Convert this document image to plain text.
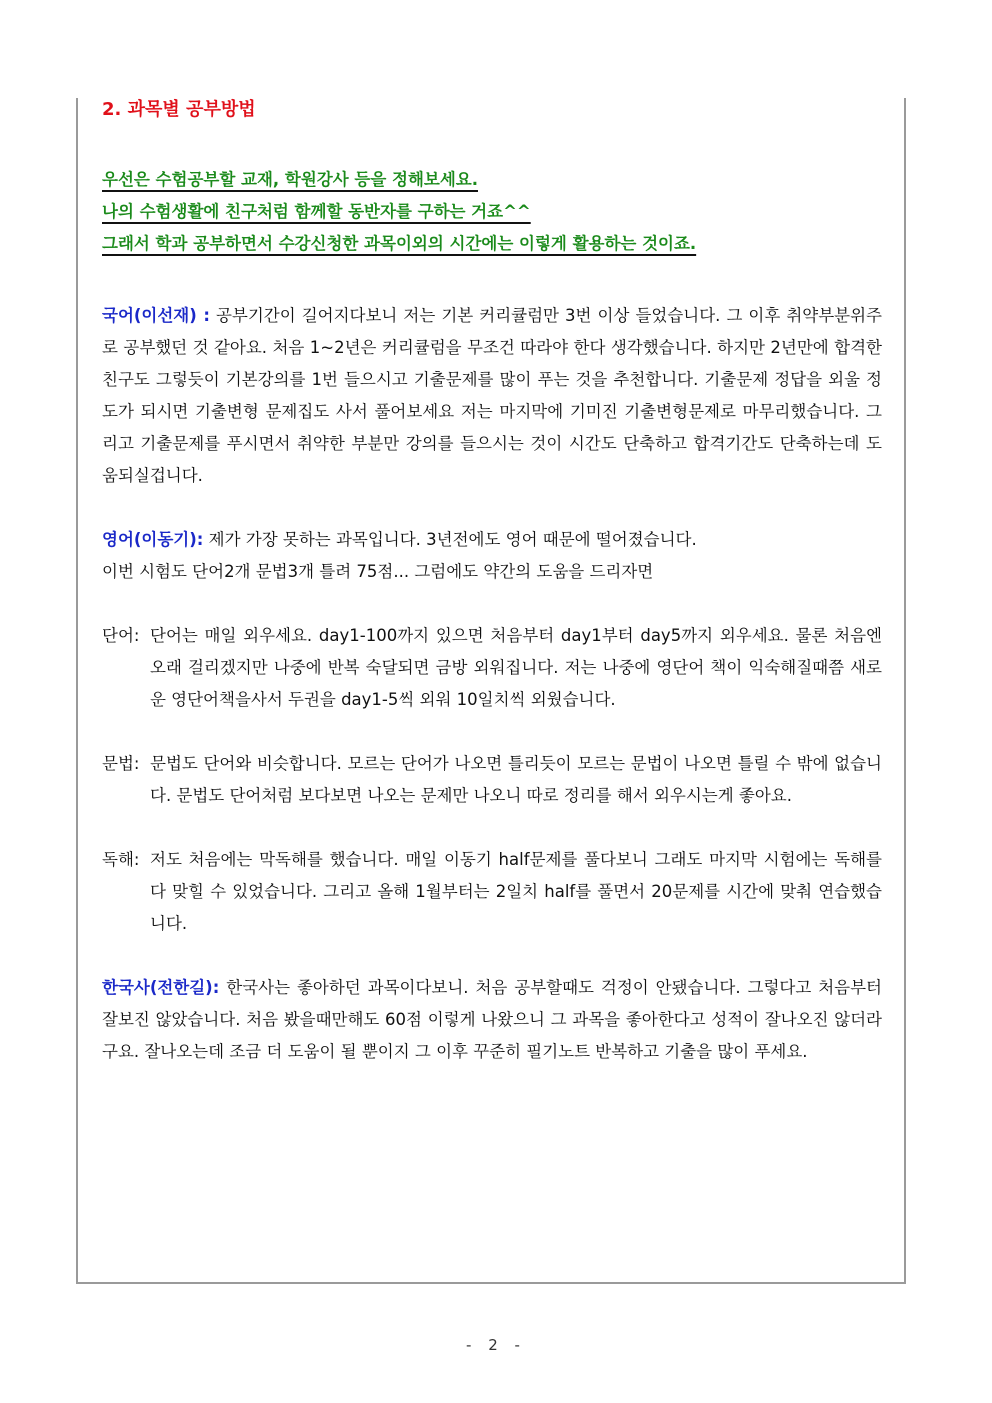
2. 과목별 공부방법
우선은 수험공부할 교재, 학원강사 등을 정해보세요.
나의 수험생활에 친구처럼 함께할 동반자를 구하는 거죠^^
그래서 학과 공부하면서 수강신청한 과목이외의 시간에는 이렇게 활용하는 것이죠.

국어(이선재) : 공부기간이 길어지다보니 저는 기본 커리큘럼만 3번 이상 들었습니다. 그 이후 취약부분위주로 공부했던 것 같아요. 처음 1~2년은 커리큘럼을 무조건 따라야 한다 생각했습니다. 하지만 2년만에 합격한 친구도 그렇듯이 기본강의를 1번 들으시고 기출문제를 많이 푸는 것을 추천합니다. 기출문제 정답을 외울 정도가 되시면 기출변형 문제집도 사서 풀어보세요 저는 마지막에 기미진 기출변형문제로 마무리했습니다. 그리고 기출문제를 푸시면서 취약한 부분만 강의를 들으시는 것이 시간도 단축하고 합격기간도 단축하는데 도움되실겁니다.

영어(이동기): 제가 가장 못하는 과목입니다. 3년전에도 영어 때문에 떨어졌습니다.
이번 시험도 단어2개 문법3개 틀려 75점... 그럼에도 약간의 도움을 드리자면

단어: 단어는 매일 외우세요. day1-100까지 있으면 처음부터 day1부터 day5까지 외우세요. 물론 처음엔 오래 걸리겠지만 나중에 반복 숙달되면 금방 외워집니다. 저는 나중에 영단어 책이 익숙해질때쯤 새로운 영단어책을사서 두권을 day1-5씩 외워 10일치씩 외웠습니다.
문법: 문법도 단어와 비슷합니다. 모르는 단어가 나오면 틀리듯이 모르는 문법이 나오면 틀릴 수 밖에 없습니다. 문법도 단어처럼 보다보면 나오는 문제만 나오니 따로 정리를 해서 외우시는게 좋아요.
독해: 저도 처음에는 막독해를 했습니다. 매일 이동기 half문제를 풀다보니 그래도 마지막 시험에는 독해를 다 맞힐 수 있었습니다. 그리고 올해 1월부터는 2일치 half를 풀면서 20문제를 시간에 맞춰 연습했습니다.

한국사(전한길): 한국사는 좋아하던 과목이다보니. 처음 공부할때도 걱정이 안됐습니다. 그렇다고 처음부터 잘보진 않았습니다. 처음 봤을때만해도 60점 이렇게 나왔으니 그 과목을 좋아한다고 성적이 잘나오진 않더라구요. 잘나오는데 조금 더 도움이 될 뿐이지 그 이후 꾸준히 필기노트 반복하고 기출을 많이 푸세요.

- 2 -
